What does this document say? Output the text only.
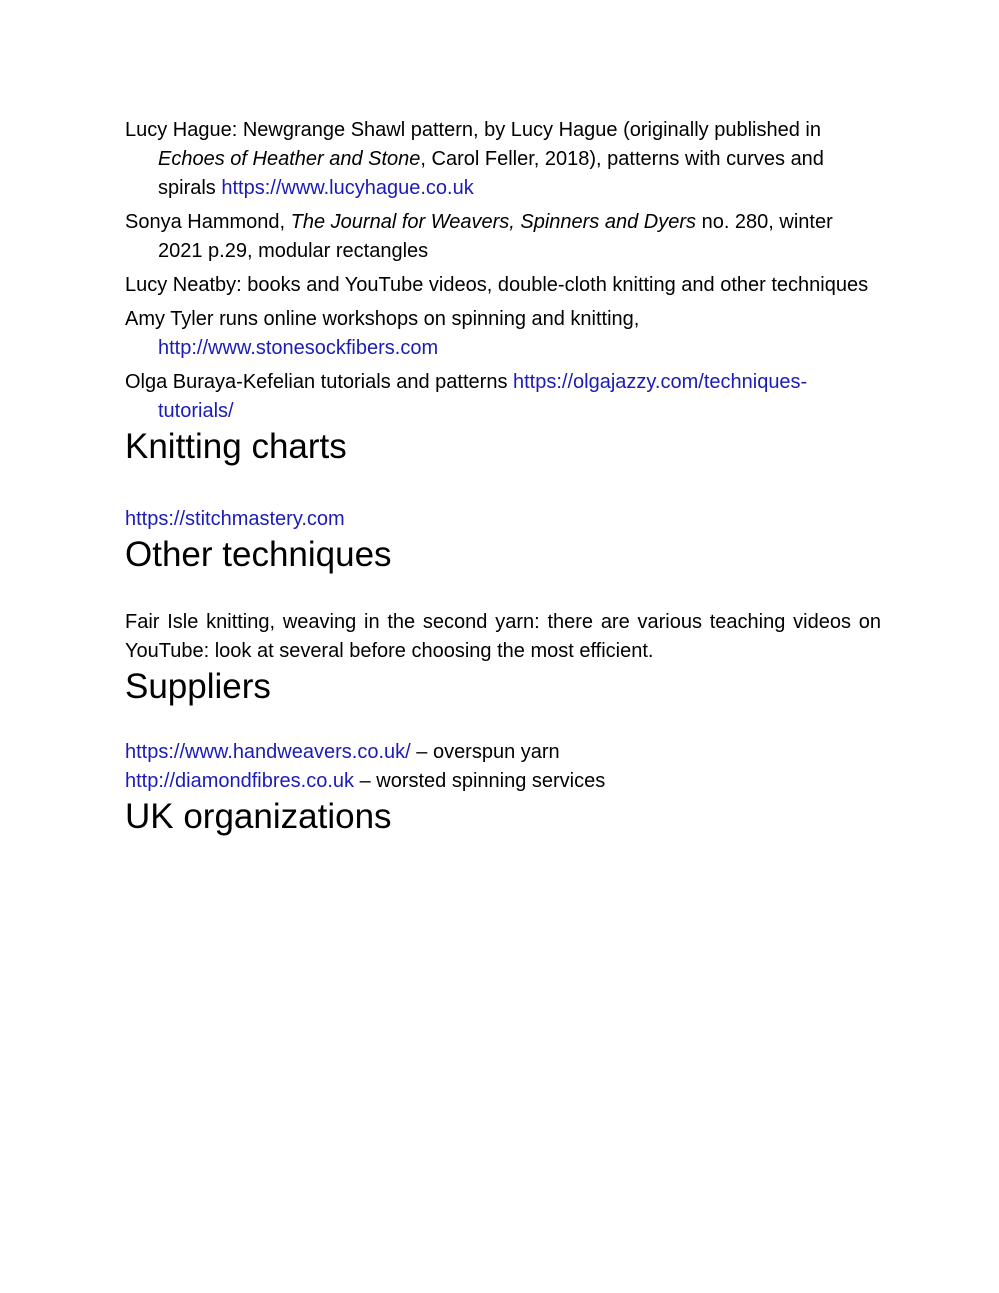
Lucy Hague: Newgrange Shawl pattern, by Lucy Hague (originally published in Echoes of Heather and Stone, Carol Feller, 2018), patterns with curves and spirals https://www.lucyhague.co.uk

Sonya Hammond, The Journal for Weavers, Spinners and Dyers no. 280, winter 2021 p.29, modular rectangles

Lucy Neatby: books and YouTube videos, double-cloth knitting and other techniques

Amy Tyler runs online workshops on spinning and knitting, http://www.stonesockfibers.com

Olga Buraya-Kefelian tutorials and patterns https://olgajazzy.com/techniques-tutorials/

Knitting charts

https://stitchmastery.com

Other techniques

Fair Isle knitting, weaving in the second yarn: there are various teaching videos on YouTube: look at several before choosing the most efficient.

Suppliers

https://www.handweavers.co.uk/ – overspun yarn

http://diamondfibres.co.uk – worsted spinning services

UK organizations
